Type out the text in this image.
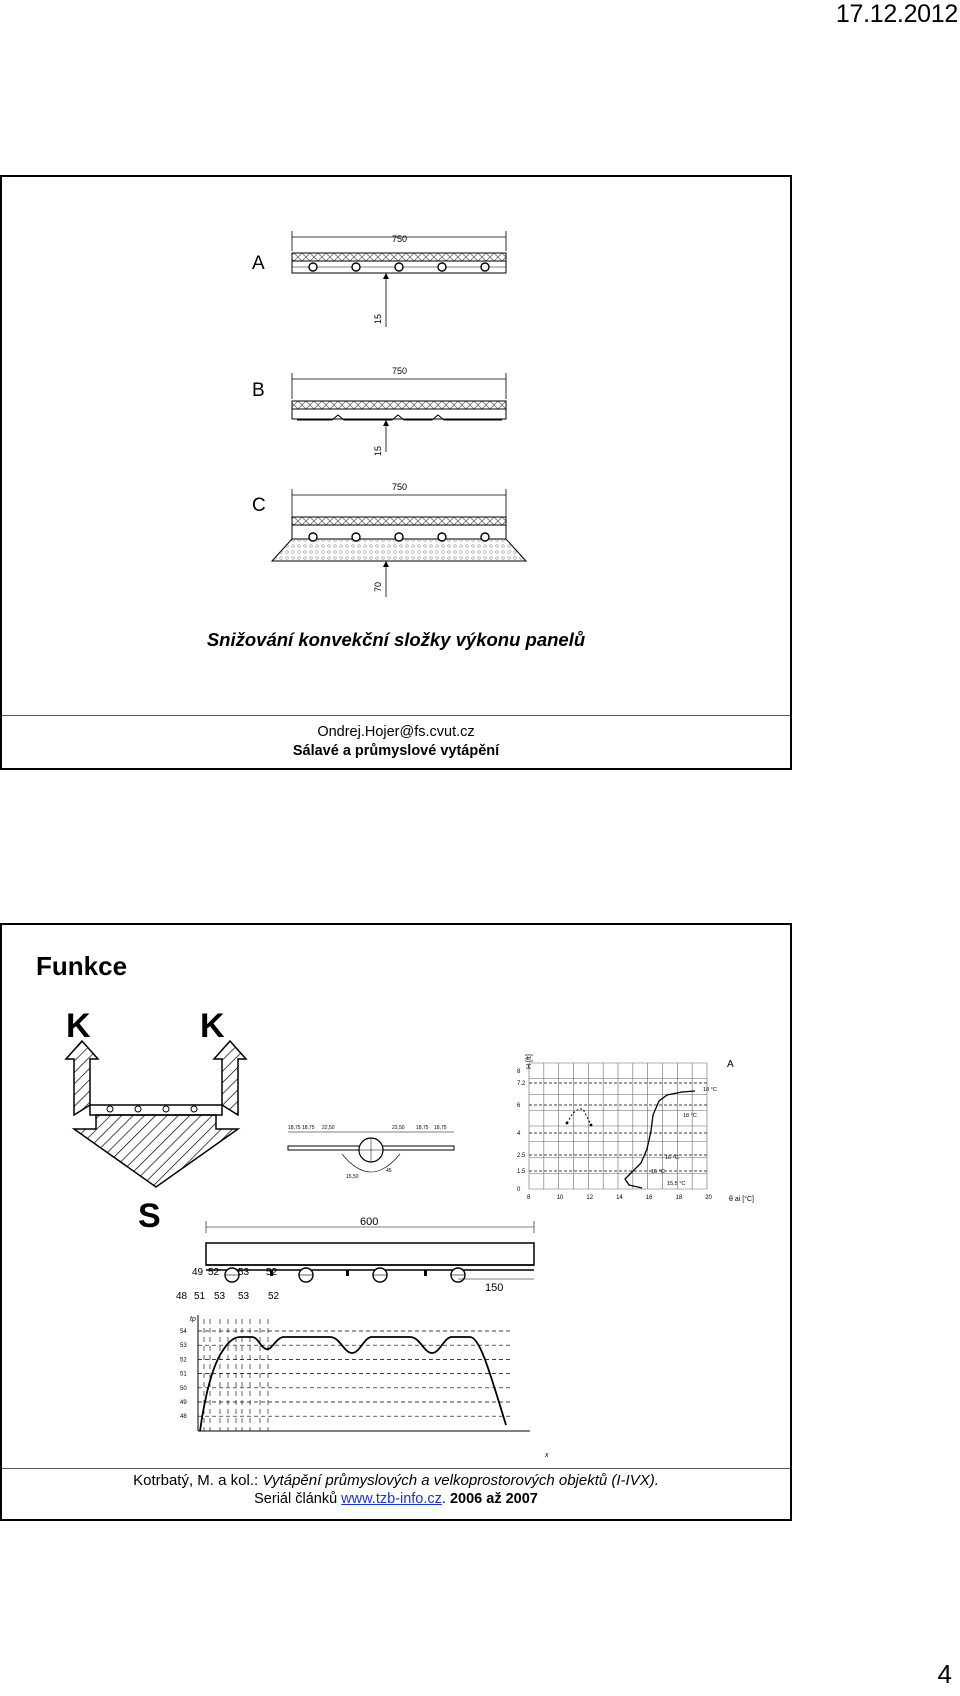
17.12.2012
A
B
C
750
750
750
15
15
70
Snižování konvekční složky výkonu panelů
Ondrej.Hojer@fs.cvut.cz
Sálavé a průmyslové vytápění
Funkce
K	K
S
18,75 18,75 22,50	22,50 18,75 18,75
15,50
45
H [ft]
θ ai [°C]
A
8
7.2
6
4
2.5
1.5
0
8	10	12	14	16	18	20
18 °C
18 °C
16 °C
15 °C
15,5 °C
600
150
49 52 53 52
48 51 53 53 52
54
53
52
51
50
49
48
tp
x
Kotrbatý, M. a kol.: Vytápění průmyslových a velkoprostorových objektů (I-IVX).
Seriál článků www.tzb-info.cz. 2006 až 2007
4
